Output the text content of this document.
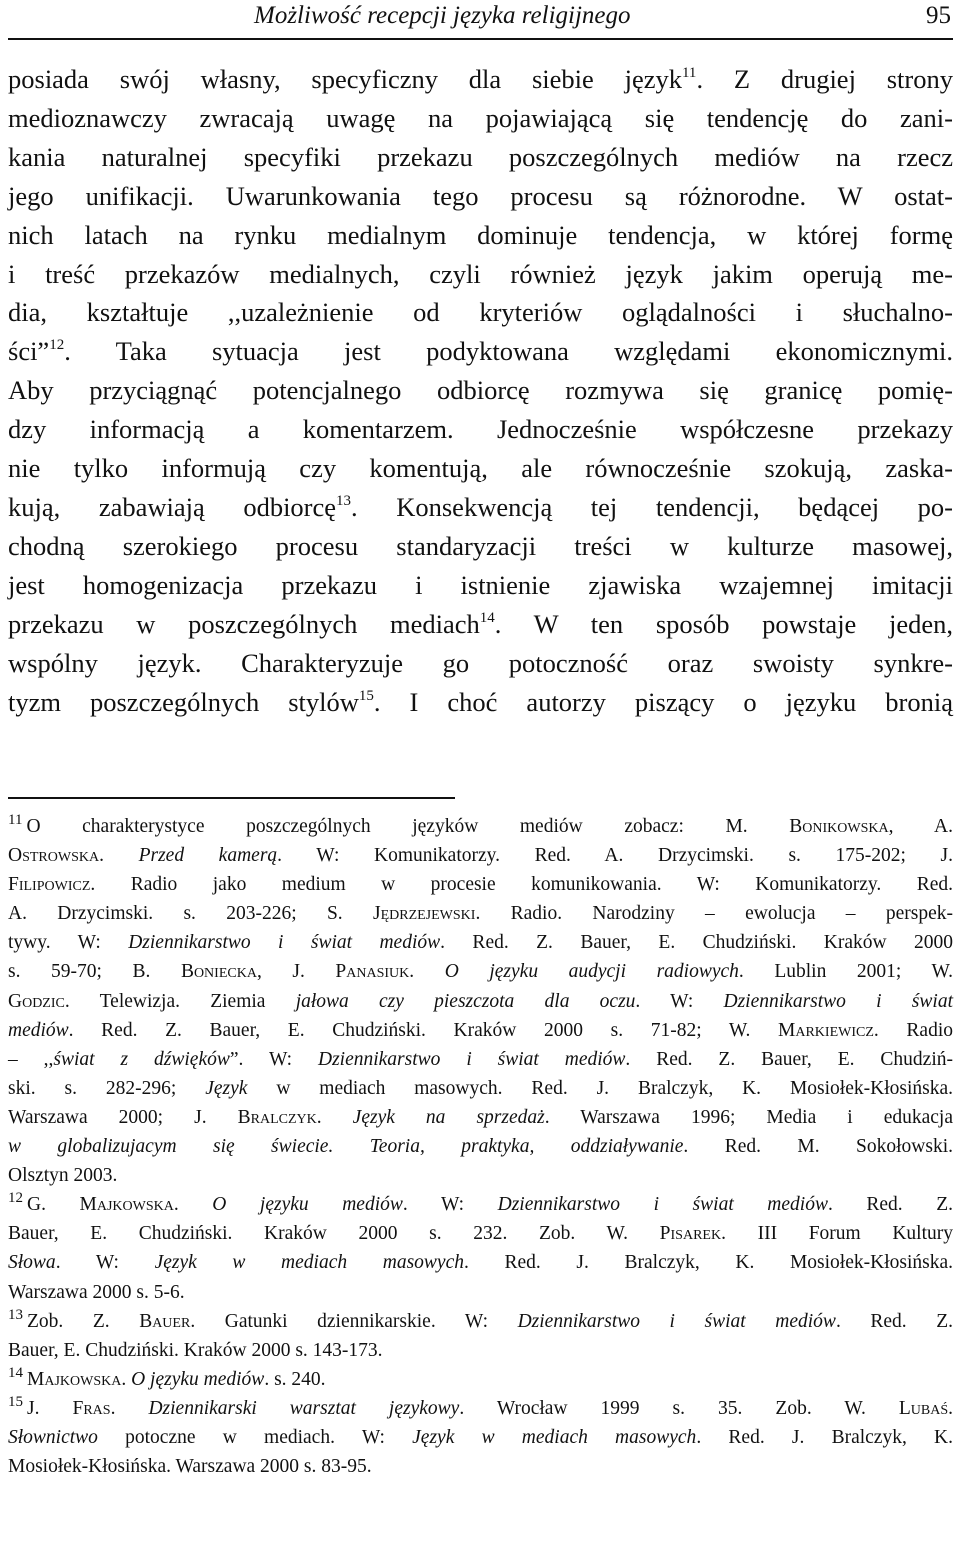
Możliwość recepcji języka religijnego	95
posiada swój własny, specyficzny dla siebie język$^{11}$. Z drugiej strony
medioznawczy zwracają uwagę na pojawiającą się tendencję do zani-
kania naturalnej specyfiki przekazu poszczególnych mediów na rzecz
jego unifikacji. Uwarunkowania tego procesu są różnorodne. W ostat-
nich latach na rynku medialnym dominuje tendencja, w której formę
i treść przekazów medialnych, czyli również język jakim operują me-
dia, kształtuje ,,uzależnienie od kryteriów oglądalności i słuchalno-
ści”$^{12}$. Taka sytuacja jest podyktowana względami ekonomicznymi.
Aby przyciągnąć potencjalnego odbiorcę rozmywa się granicę pomię-
dzy informacją a komentarzem. Jednocześnie współczesne przekazy
nie tylko informują czy komentują, ale równocześnie szokują, zaska-
kują, zabawiają odbiorcę$^{13}$. Konsekwencją tej tendencji, będącej po-
chodną szerokiego procesu standaryzacji treści w kulturze masowej,
jest homogenizacja przekazu i istnienie zjawiska wzajemnej imitacji
przekazu w poszczególnych mediach$^{14}$. W ten sposób powstaje jeden,
wspólny język. Charakteryzuje go potoczność oraz swoisty synkre-
tyzm poszczególnych stylów$^{15}$. I choć autorzy piszący o języku bronią
$^{11}$ O charakterystyce poszczególnych języków mediów zobacz: M. Bonikowska, A.
Ostrowska. Przed kamerą. W: Komunikatorzy. Red. A. Drzycimski. s. 175-202; J.
Filipowicz. Radio jako medium w procesie komunikowania. W: Komunikatorzy. Red.
A. Drzycimski. s. 203-226; S. Jędrzejewski. Radio. Narodziny – ewolucja – perspek-
tywy. W: Dziennikarstwo i świat mediów. Red. Z. Bauer, E. Chudziński. Kraków 2000
s. 59-70; B. Boniecka, J. Panasiuk. O języku audycji radiowych. Lublin 2001; W.
Godzic. Telewizja. Ziemia jałowa czy pieszczota dla oczu. W: Dziennikarstwo i świat
mediów. Red. Z. Bauer, E. Chudziński. Kraków 2000 s. 71-82; W. Markiewicz. Radio
– ,,świat z dźwięków”. W: Dziennikarstwo i świat mediów. Red. Z. Bauer, E. Chudziń-
ski. s. 282-296; Język w mediach masowych. Red. J. Bralczyk, K. Mosiołek-Kłosińska.
Warszawa 2000; J. Bralczyk. Język na sprzedaż. Warszawa 1996; Media i edukacja
w globalizujacym się świecie. Teoria, praktyka, oddziaływanie. Red. M. Sokołowski.
Olsztyn 2003.
$^{12}$ G. Majkowska. O języku mediów. W: Dziennikarstwo i świat mediów. Red. Z.
Bauer, E. Chudziński. Kraków 2000 s. 232. Zob. W. Pisarek. III Forum Kultury
Słowa. W: Język w mediach masowych. Red. J. Bralczyk, K. Mosiołek-Kłosińska.
Warszawa 2000 s. 5-6.
$^{13}$ Zob. Z. Bauer. Gatunki dziennikarskie. W: Dziennikarstwo i świat mediów. Red. Z.
Bauer, E. Chudziński. Kraków 2000 s. 143-173.
$^{14}$ Majkowska. O języku mediów. s. 240.
$^{15}$ J. Fras. Dziennikarski warsztat językowy. Wrocław 1999 s. 35. Zob. W. Lubaś.
Słownictwo potoczne w mediach. W: Język w mediach masowych. Red. J. Bralczyk, K.
Mosiołek-Kłosińska. Warszawa 2000 s. 83-95.
